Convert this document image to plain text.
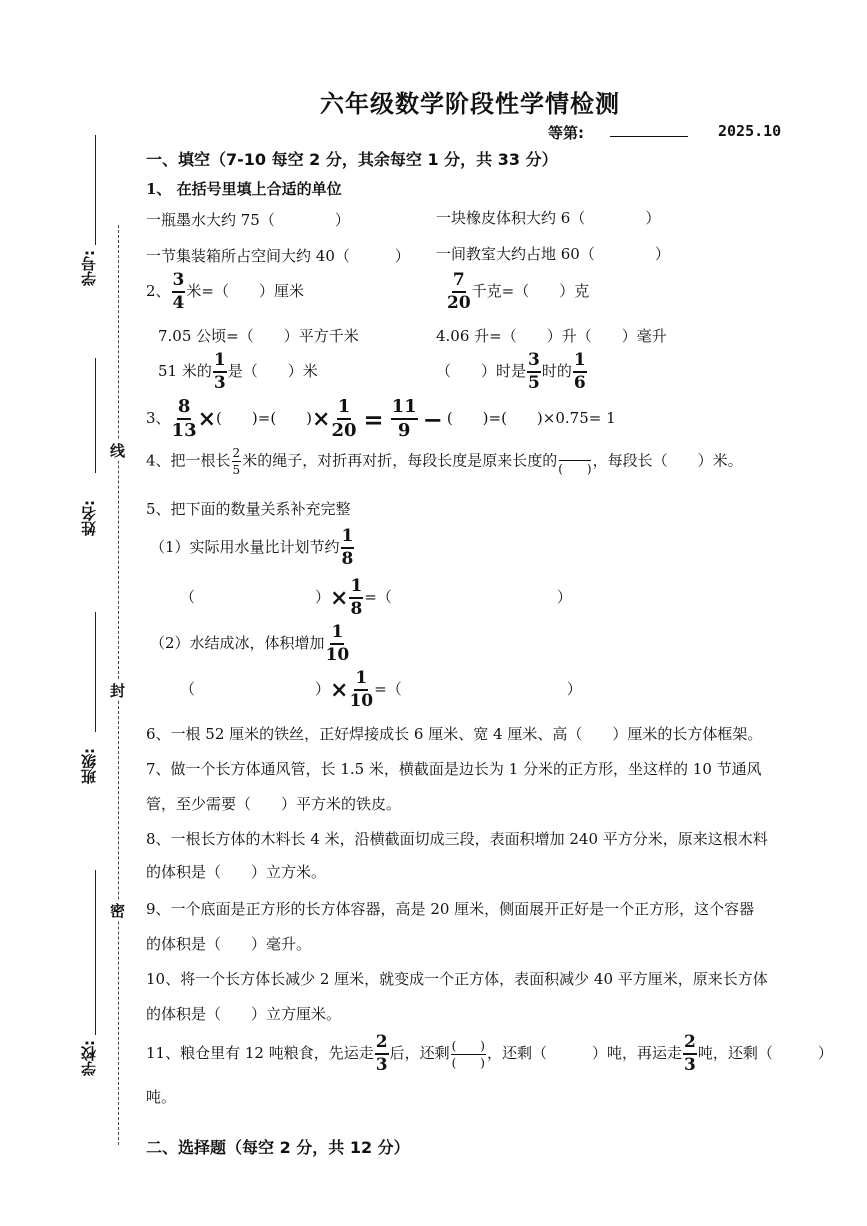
学号:
姓名:
班级:
学校:
线
封
密
六年级数学阶段性学情检测
等第:	2025.10
一、填空（7-10 每空 2 分，其余每空 1 分，共 33 分）
1、 在括号里填上合适的单位
一瓶墨水大约 75（　　　　）	一块橡皮体积大约 6（　　　　）
一节集装箱所占空间大约 40（　　　） 一间教室大约占地 60（　　　　）
2、 $\frac{3}{4}$ 米=（　　）厘米	$\frac{7}{20}$ 千克=（　　）克
7.05 公顷=（　　）平方千米	4.06 升=（　　）升（　　）毫升
51 米的 $\frac{1}{3}$ 是（　　）米	（　　）时是 $\frac{3}{5}$ 时的 $\frac{1}{6}$
3、 $\frac{8}{13}$ ×(　　)=(　　)× $\frac{1}{20} = \frac{11}{9}$ − (　　)=(　　)×0.75= 1
4、把一根长 $\frac{2}{5}$ 米的绳子，对折再对折，每段长度是原来长度的 (　　) ，每段长（　　）米。
5、把下面的数量关系补充完整
（1）实际用水量比计划节约 $\frac{1}{8}$
（　　　　　　　　）× $\frac{1}{8}$ =（　　　　　　　　　　　）
（2）水结成冰，体积增加 $\frac{1}{10}$
（　　　　　　　　）× $\frac{1}{10}$ =（　　　　　　　　　　　）
6、一根 52 厘米的铁丝，正好焊接成长 6 厘米、宽 4 厘米、高（　　）厘米的长方体框架。
7、做一个长方体通风管，长 1.5 米，横截面是边长为 1 分米的正方形，坐这样的 10 节通风
管，至少需要（　　）平方米的铁皮。
8、一根长方体的木料长 4 米，沿横截面切成三段，表面积增加 240 平方分米，原来这根木料
的体积是（　　）立方米。
9、一个底面是正方形的长方体容器，高是 20 厘米，侧面展开正好是一个正方形，这个容器
的体积是（　　）毫升。
10、将一个长方体长减少 2 厘米，就变成一个正方体，表面积减少 40 平方厘米，原来长方体
的体积是（　　）立方厘米。
11、粮仓里有 12 吨粮食，先运走 $\frac{2}{3}$ 后，还剩 $\frac{( )}{( )}$ ，还剩（　　　）吨，再运走 $\frac{2}{3}$ 吨，还剩（　　　）
吨。
二、选择题（每空 2 分，共 12 分）
